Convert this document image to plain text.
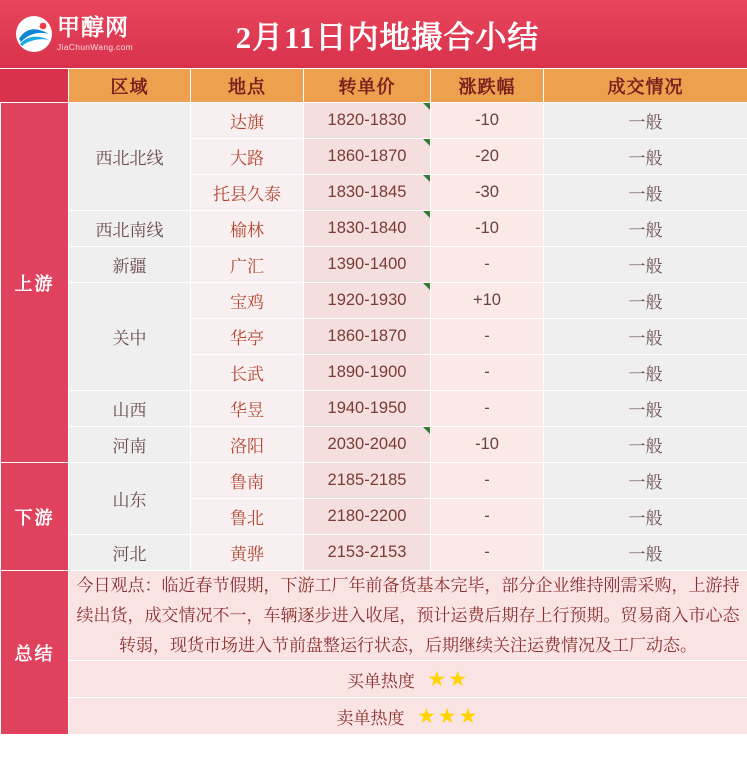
甲醇网
JiaChunWang.com	2月11日内地撮合小结
	区域	地点	转单价	涨跌幅	成交情况
上游	西北北线	达旗	1820-1830	-10	一般
		大路	1860-1870	-20	一般
		托县久泰	1830-1845	-30	一般
	西北南线	榆林	1830-1840	-10	一般
	新疆	广汇	1390-1400	-	一般
	关中	宝鸡	1920-1930	+10	一般
		华亭	1860-1870	-	一般
		长武	1890-1900	-	一般
	山西	华昱	1940-1950	-	一般
	河南	洛阳	2030-2040	-10	一般
下游	山东	鲁南	2185-2185	-	一般
		鲁北	2180-2200	-	一般
	河北	黄骅	2153-2153	-	一般
总结	今日观点：临近春节假期，下游工厂年前备货基本完毕，部分企业维持刚需采购，上游持续出货，成交情况不一，车辆逐步进入收尾，预计运费后期存上行预期。贸易商入市心态转弱，现货市场进入节前盘整运行状态，后期继续关注运费情况及工厂动态。				
	买单热度 ★★				
	卖单热度 ★★★				
